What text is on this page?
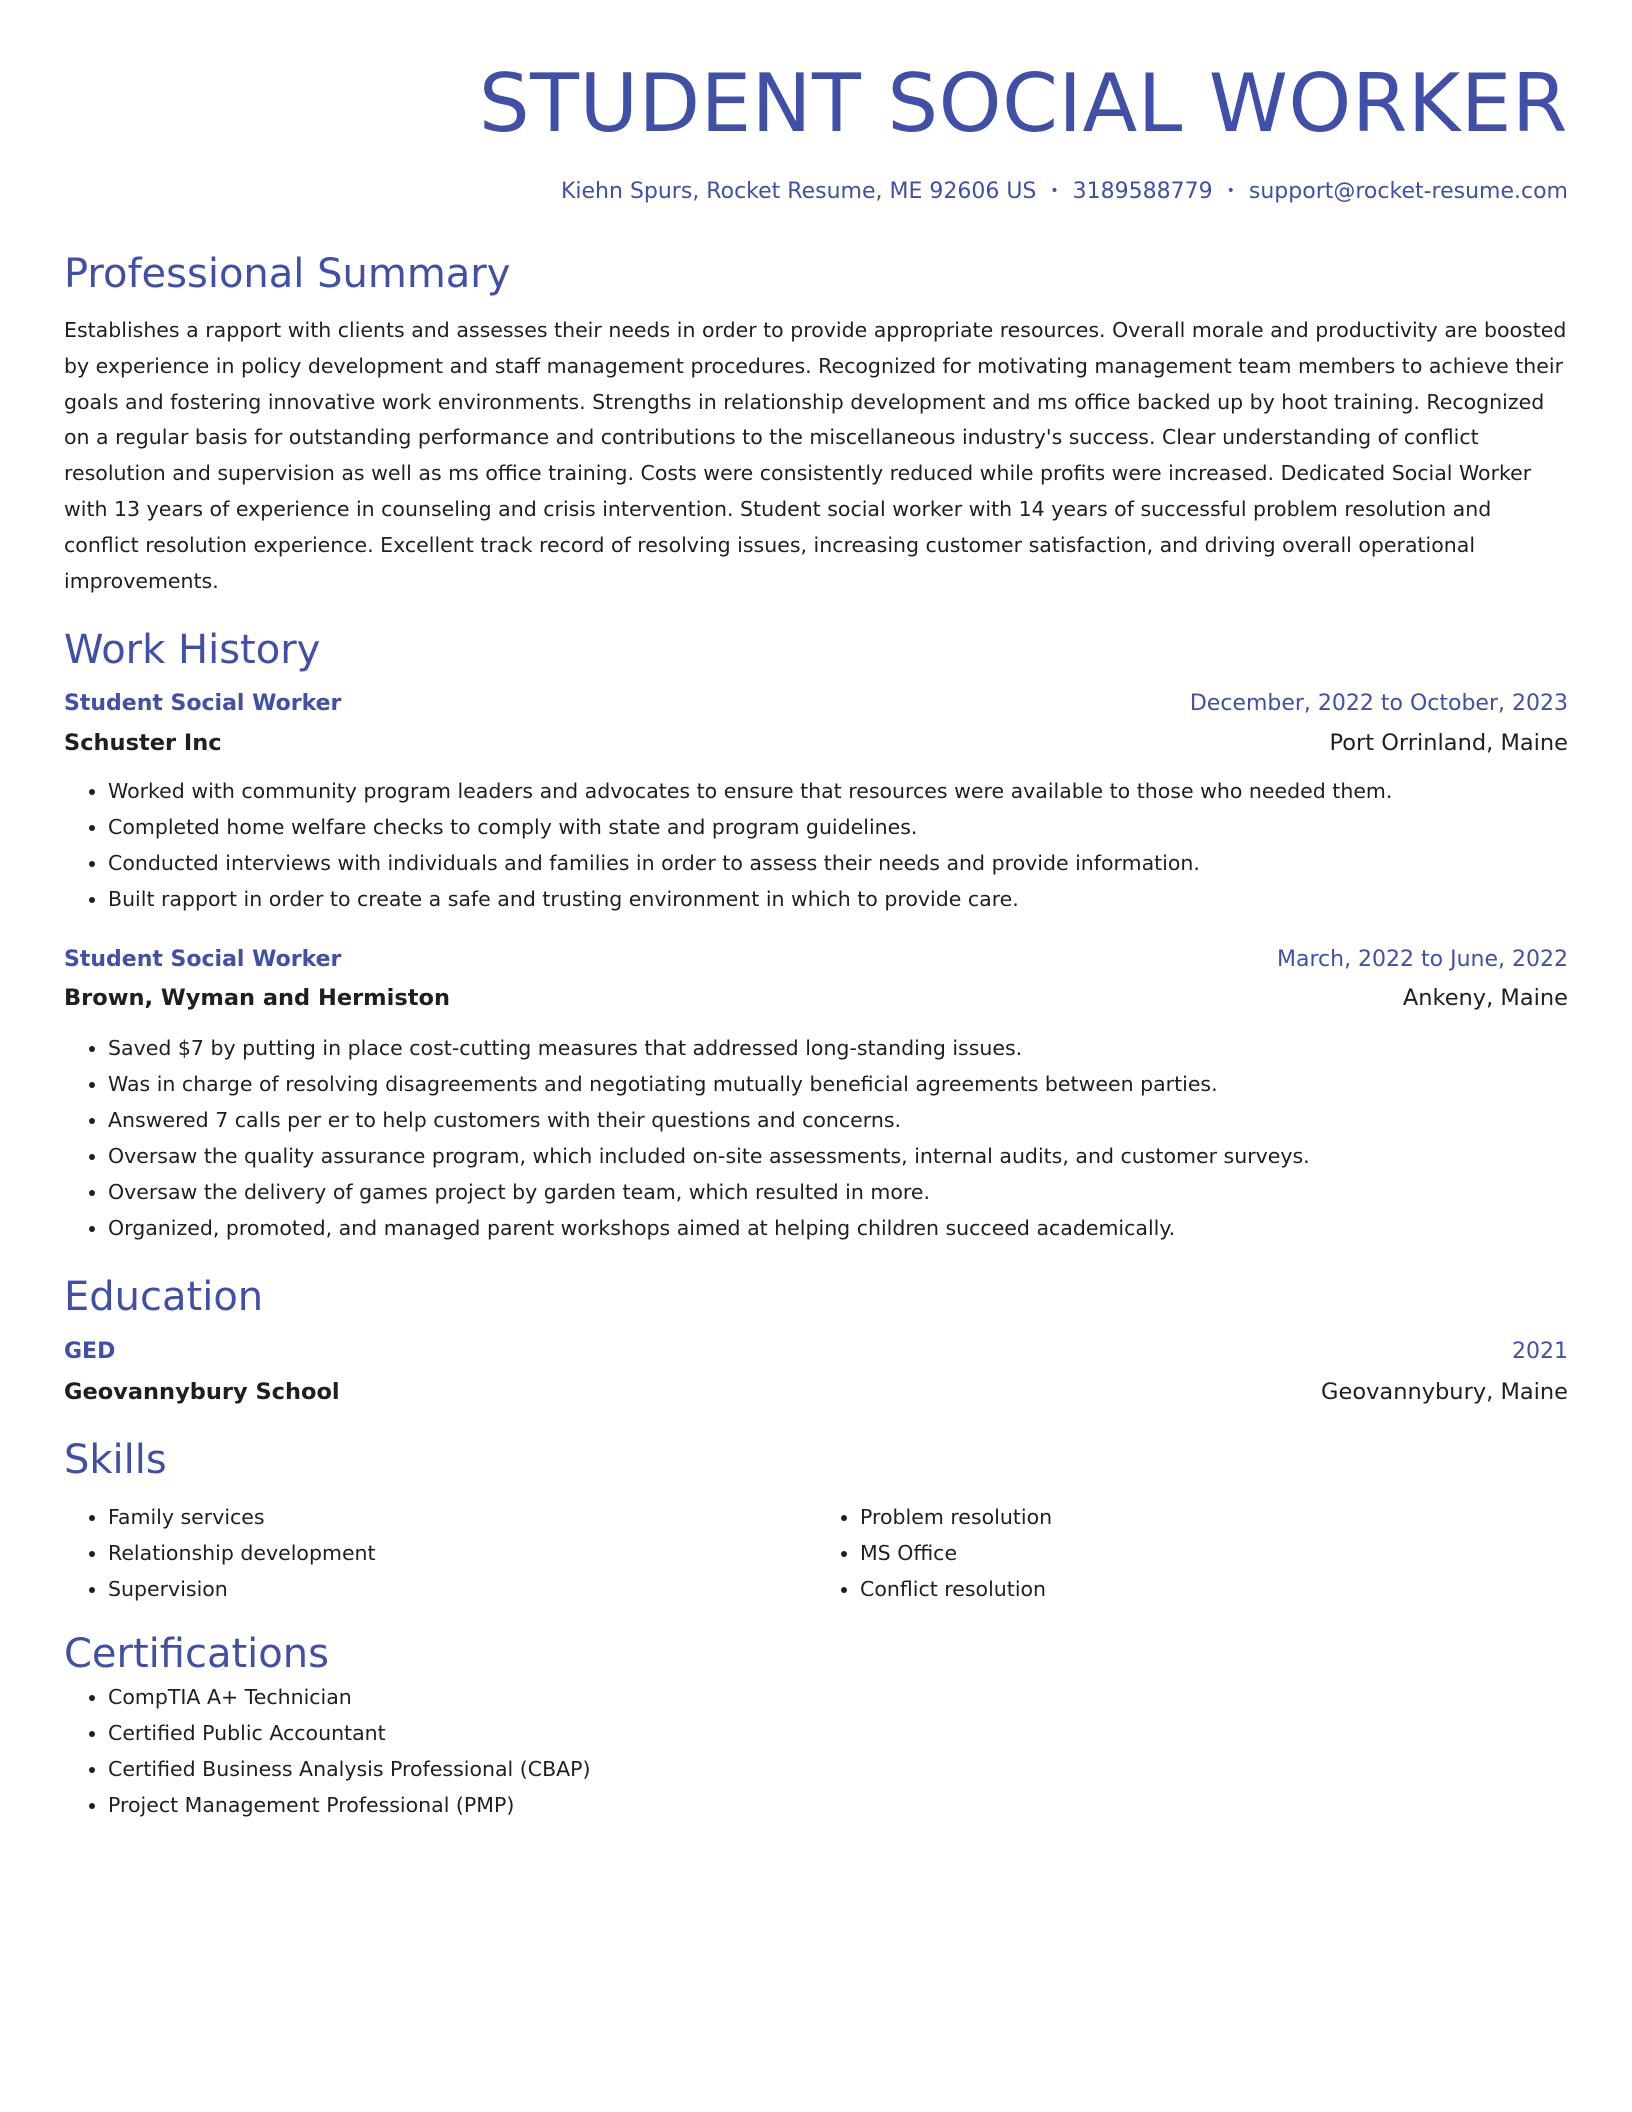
STUDENT SOCIAL WORKER
Kiehn Spurs, Rocket Resume, ME 92606 US • 3189588779 • support@rocket-resume.com
Professional Summary
Establishes a rapport with clients and assesses their needs in order to provide appropriate resources. Overall morale and productivity are boosted by experience in policy development and staff management procedures. Recognized for motivating management team members to achieve their goals and fostering innovative work environments. Strengths in relationship development and ms office backed up by hoot training. Recognized on a regular basis for outstanding performance and contributions to the miscellaneous industry's success. Clear understanding of conflict resolution and supervision as well as ms office training. Costs were consistently reduced while profits were increased. Dedicated Social Worker with 13 years of experience in counseling and crisis intervention. Student social worker with 14 years of successful problem resolution and conflict resolution experience. Excellent track record of resolving issues, increasing customer satisfaction, and driving overall operational improvements.
Work History
Student Social Worker	December, 2022 to October, 2023
Schuster Inc	Port Orrinland, Maine
• Worked with community program leaders and advocates to ensure that resources were available to those who needed them.
• Completed home welfare checks to comply with state and program guidelines.
• Conducted interviews with individuals and families in order to assess their needs and provide information.
• Built rapport in order to create a safe and trusting environment in which to provide care.
Student Social Worker	March, 2022 to June, 2022
Brown, Wyman and Hermiston	Ankeny, Maine
• Saved $7 by putting in place cost-cutting measures that addressed long-standing issues.
• Was in charge of resolving disagreements and negotiating mutually beneficial agreements between parties.
• Answered 7 calls per er to help customers with their questions and concerns.
• Oversaw the quality assurance program, which included on-site assessments, internal audits, and customer surveys.
• Oversaw the delivery of games project by garden team, which resulted in more.
• Organized, promoted, and managed parent workshops aimed at helping children succeed academically.
Education
GED	2021
Geovannybury School	Geovannybury, Maine
Skills
• Family services
• Relationship development
• Supervision
• Problem resolution
• MS Office
• Conflict resolution
Certifications
• CompTIA A+ Technician
• Certified Public Accountant
• Certified Business Analysis Professional (CBAP)
• Project Management Professional (PMP)
